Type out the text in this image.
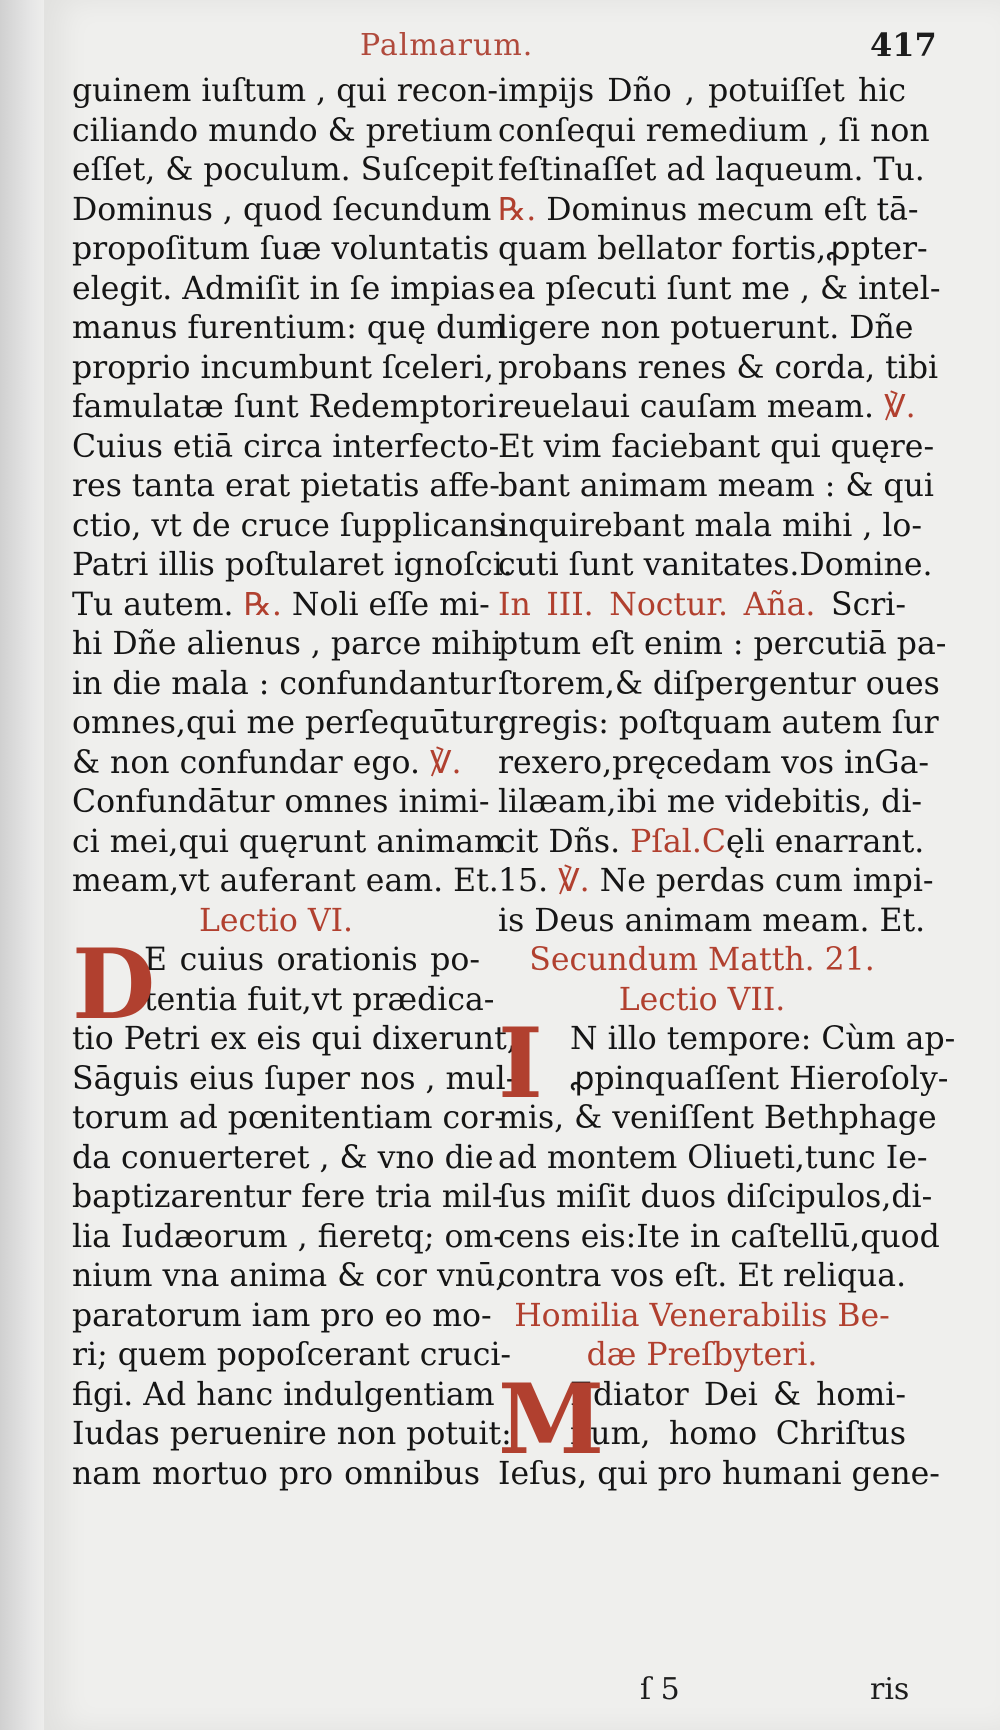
Palmarum.	417
guinem iuſtum , qui recon-
ciliando mundo & pretium
eſſet, & poculum. Suſcepit
Dominus , quod ſecundum
propoſitum ſuæ voluntatis
elegit. Admiſit in ſe impias
manus furentium: quę dum
proprio incumbunt ſceleri,
famulatæ ſunt Redemptori.
Cuius etiā circa interfecto-
res tanta erat pietatis affe-
ctio, vt de cruce ſupplicans
Patri illis poſtularet ignoſci.
Tu autem. ℞. Noli eſſe mi-
hi Dñe alienus , parce mihi
in die mala : confundantur
omnes,qui me perſequūtur:
& non confundar ego. ℣.
Confundātur omnes inimi-
ci mei,qui quęrunt animam
meam,vt auferant eam. Et.
Lectio VI.
D
E cuius orationis po-
tentia fuit,vt prædica-
tio Petri ex eis qui dixerunt,
Sāguis eius ſuper nos , mul-
torum ad pœnitentiam cor-
da conuerteret , & vno die
baptizarentur fere tria mil-
lia Iudæorum , fieretq; om-
nium vna anima & cor vnū,
paratorum iam pro eo mo-
ri; quem popoſcerant cruci-
figi. Ad hanc indulgentiam
Iudas peruenire non potuit:
nam mortuo pro omnibus
impijs Dño , potuiſſet hic
conſequi remedium , ſi non
feſtinaſſet ad laqueum. Tu.
℞. Dominus mecum eſt tā-
quam bellator fortis,ꝓpter-
ea pſecuti ſunt me , & intel-
ligere non potuerunt. Dñe
probans renes & corda, tibi
reuelaui cauſam meam. ℣.
Et vim faciebant qui quęre-
bant animam meam : & qui
inquirebant mala mihi , lo-
cuti ſunt vanitates.Domine.
In III. Noctur. Aña. Scri-
ptum eſt enim : percutiā pa-
ſtorem,& diſpergentur oues
gregis: poſtquam autem ſur
rexero,pręcedam vos inGa-
lilæam,ibi me videbitis, di-
cit Dñs. Pſal.Cęli enarrant.
15. ℣. Ne perdas cum impi-
is Deus animam meam. Et.
Secundum Matth. 21.
Lectio VII.
I N illo tempore: Cùm ap-
ꝓpinquaſſent Hieroſoly-
mis, & veniſſent Bethphage
ad montem Oliueti,tunc Ie-
ſus miſit duos diſcipulos,di-
cens eis:Ite in caſtellū,quod
contra vos eſt. Et reliqua.
Homilia Venerabilis Be-
dæ Preſbyteri.
M
Ediator Dei & homi-
num, homo Chriſtus
Ieſus, qui pro humani gene-
ſ 5	ris
